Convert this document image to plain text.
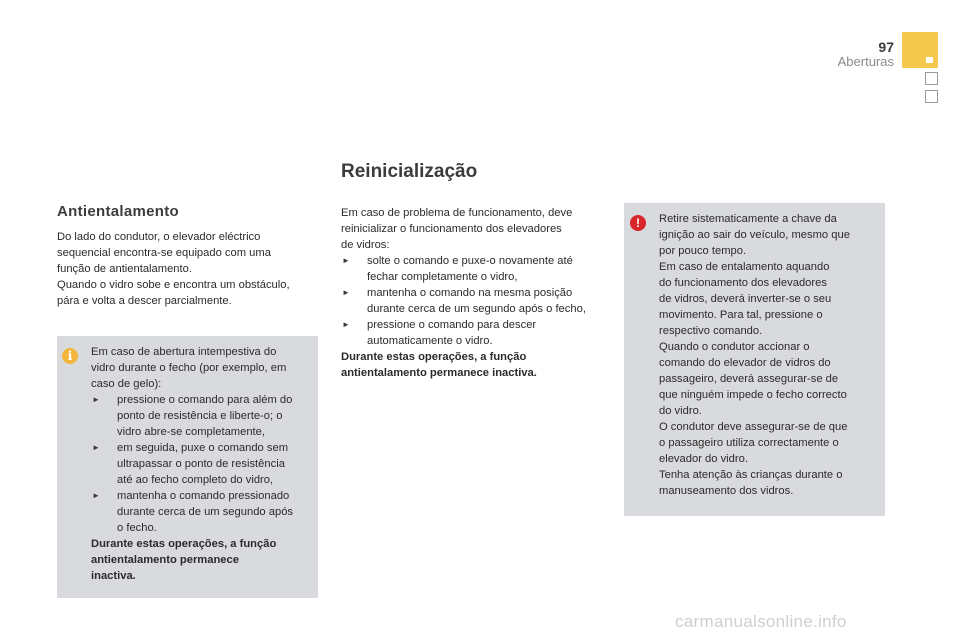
97
Aberturas
Antientalamento

Do lado do condutor, o elevador eléctrico

sequencial encontra-se equipado com uma

função de antientalamento.

Quando o vidro sobe e encontra um obstáculo,

pára e volta a descer parcialmente.

i	Em caso de abertura intempestiva do

vidro durante o fecho (por exemplo, em

caso de gelo):

► pressione o comando para além do
ponto de resistência e liberte-o; o
vidro abre-se completamente,
► em seguida, puxe o comando sem
ultrapassar o ponto de resistência
até ao fecho completo do vidro,
► mantenha o comando pressionado
durante cerca de um segundo após
o fecho.

Durante estas operações, a função

antientalamento permanece

inactiva.

Reinicialização

Em caso de problema de funcionamento, deve

reinicializar o funcionamento dos elevadores

de vidros:

► solte o comando e puxe-o novamente até
fechar completamente o vidro,
► mantenha o comando na mesma posição
durante cerca de um segundo após o fecho,
► pressione o comando para descer
automaticamente o vidro.

Durante estas operações, a função

antientalamento permanece inactiva.

!	Retire sistematicamente a chave da

ignição ao sair do veículo, mesmo que

por pouco tempo.

Em caso de entalamento aquando

do funcionamento dos elevadores

de vidros, deverá inverter-se o seu

movimento. Para tal, pressione o

respectivo comando.

Quando o condutor accionar o

comando do elevador de vidros do

passageiro, deverá assegurar-se de

que ninguém impede o fecho correcto

do vidro.

O condutor deve assegurar-se de que

o passageiro utiliza correctamente o

elevador do vidro.

Tenha atenção às crianças durante o

manuseamento dos vidros.

carmanualsonline.info
